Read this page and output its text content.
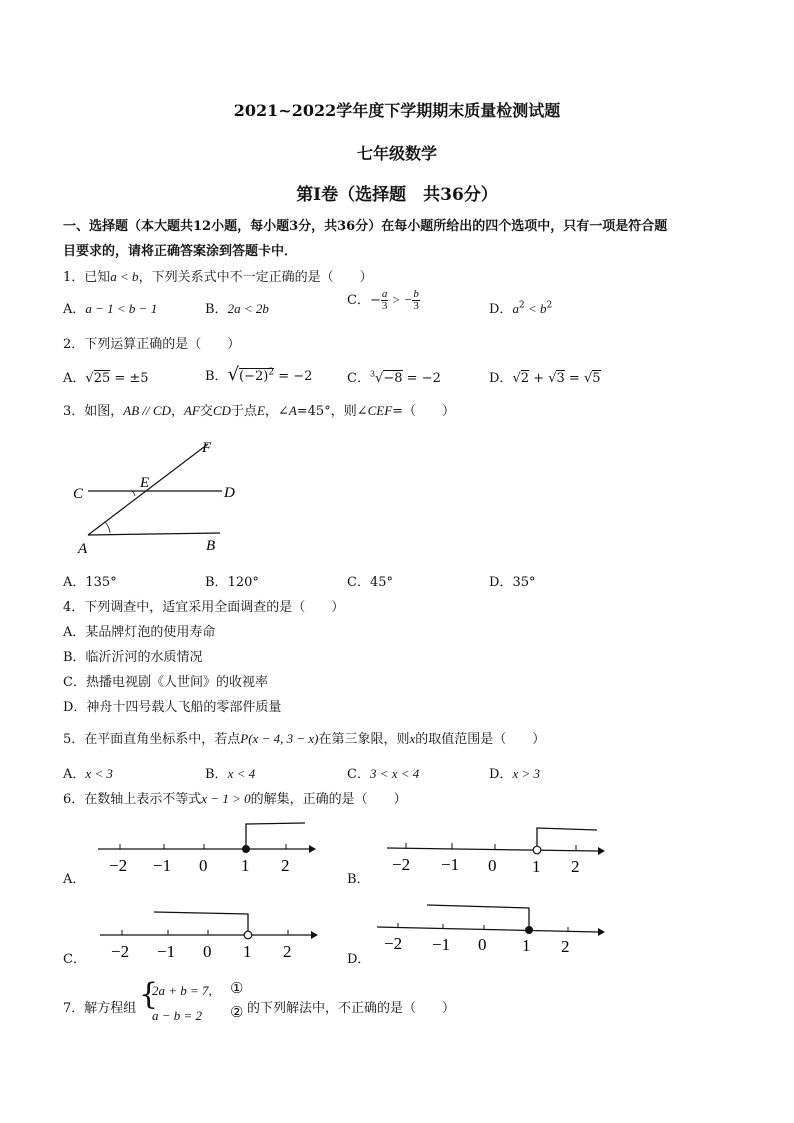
2021~2022学年度下学期期末质量检测试题
七年级数学
第Ⅰ卷（选择题　共36分）
一、选择题（本大题共12小题，每小题3分，共36分）在每小题所给出的四个选项中，只有一项是符合题
目要求的，请将正确答案涂到答题卡中．
1．已知a < b，下列关系式中不一定正确的是（　　）
A．a − 1 < b − 1	B．2a < 2b
C．− $\frac{a}{3}$ > − $\frac{b}{3}$	D．$a^2 < b^2$
2．下列运算正确的是（　　）
A．√25 = ±5	B．$√(-2)^2 = -2$	C．$^3$√−8 = −2	D．√2 + √3 = √5
3．如图，AB // CD，AF交CD于点E，∠A=45°，则∠CEF=（　　）
F
E
C	D
A	B
A．135°	B．120°	C．45°	D．35°
4．下列调查中，适宜采用全面调查的是（　　）
A．某品牌灯泡的使用寿命
B．临沂沂河的水质情况
C．热播电视剧《人世间》的收视率
D．神舟十四号载人飞船的零部件质量
5．在平面直角坐标系中，若点P(x − 4, 3 − x)在第三象限，则x的取值范围是（　　）
A．x < 3	B．x < 4	C．3 < x < 4	D．x > 3
6．在数轴上表示不等式x − 1 > 0的解集，正确的是（　　）
A．
−2 −1 0 1 2
B．
−2 −1 0 1 2
C． −2 −1 0 1 2	D．
−2 −1 0 1 2
7．解方程组 {
2a + b = 7,
a − b = 2
①
② 的下列解法中，不正确的是（　　）
